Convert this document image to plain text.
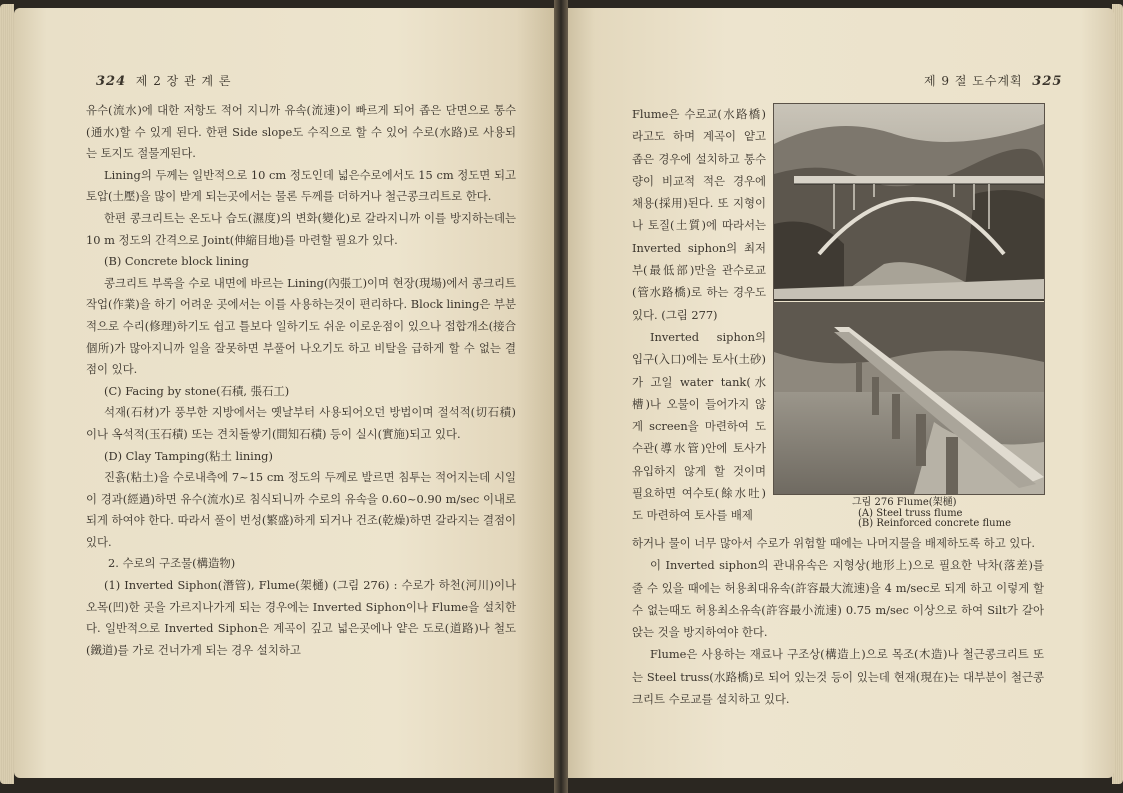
324 제 2 장 관 계 론

유수(流水)에 대한 저항도 적어 지니까 유속(流速)이 빠르게 되어 좁은 단면으로 통수(通水)할 수 있게 된다. 한편 Side slope도 수직으로 할 수 있어 수로(水路)로 사용되는 토지도 절물게된다.

Lining의 두께는 일반적으로 10 cm 정도인데 넓은수로에서도 15 cm 정도면 되고 토압(土壓)을 많이 받게 되는곳에서는 물론 두께를 더하거나 철근콩크리트로 한다.

한편 콩크리트는 온도나 습도(濕度)의 변화(變化)로 갈라지니까 이를 방지하는데는 10 m 정도의 간격으로 Joint(伸縮目地)를 마련할 필요가 있다.

(B) Concrete block lining

콩크리트 부록을 수로 내면에 바르는 Lining(內張工)이며 현장(現場)에서 콩크리트 작업(作業)을 하기 어려운 곳에서는 이를 사용하는것이 편리하다. Block lining은 부분적으로 수리(修理)하기도 쉽고 틀보다 일하기도 쉬운 이로운점이 있으나 접합개소(接合個所)가 많아지니까 일을 잘못하면 부풀어 나오기도 하고 비탈을 급하게 할 수 없는 결점이 있다.

(C) Facing by stone(石積, 張石工)

석재(石材)가 풍부한 지방에서는 옛날부터 사용되어오던 방법이며 절석적(切石積)이나 옥석적(玉石積) 또는 견치돌쌓기(間知石積) 등이 실시(實施)되고 있다.

(D) Clay Tamping(粘土 lining)

진흙(粘土)을 수로내측에 7~15 cm 정도의 두께로 발르면 침투는 적어지는데 시일이 경과(經過)하면 유수(流水)로 침식되니까 수로의 유속을 0.60~0.90 m/sec 이내로 되게 하여야 한다. 따라서 풀이 번성(繁盛)하게 되거나 건조(乾燥)하면 갈라지는 결점이 있다.

2. 수로의 구조물(構造物)

(1) Inverted Siphon(潛管), Flume(架樋) (그림 276) : 수로가 하천(河川)이나 오목(凹)한 곳을 가르지나가게 되는 경우에는 Inverted Siphon이나 Flume을 설치한다. 일반적으로 Inverted Siphon은 계곡이 깊고 넓은곳에나 얕은 도로(道路)나 철도(鐵道)를 가로 건너가게 되는 경우 설치하고

제 9 절 도수계획 325

Flume은 수로교(水路橋)라고도 하며 계곡이 얕고 좁은 경우에 설치하고 통수량이 비교적 적은 경우에 채용(採用)된다. 또 지형이나 토질(土質)에 따라서는 Inverted siphon의 최저부(最低部)만을 관수로교(管水路橋)로 하는 경우도 있다. (그림 277)

Inverted siphon의 입구(入口)에는 토사(土砂)가 고일 water tank(水槽)나 오물이 들어가지 않게 screen을 마련하여 도수관(導水管)안에 토사가 유입하지 않게 할 것이며 필요하면 여수토(餘水吐)도 마련하여 토사를 배제

그림 276 Flume(架樋)
(A) Steel truss flume
(B) Reinforced concrete flume

하거나 물이 너무 많아서 수로가 위험할 때에는 나머지물을 배제하도록 하고 있다.

이 Inverted siphon의 관내유속은 지형상(地形上)으로 필요한 낙차(落差)를 줄 수 있을 때에는 허용최대유속(許容最大流速)을 4 m/sec로 되게 하고 이렇게 할 수 없는때도 허용최소유속(許容最小流速) 0.75 m/sec 이상으로 하여 Silt가 갈아앉는 것을 방지하여야 한다.

Flume은 사용하는 재료나 구조상(構造上)으로 목조(木造)나 철근콩크리트 또는 Steel truss(水路橋)로 되어 있는것 등이 있는데 현재(現在)는 대부분이 철근콩크리트 수로교를 설치하고 있다.
